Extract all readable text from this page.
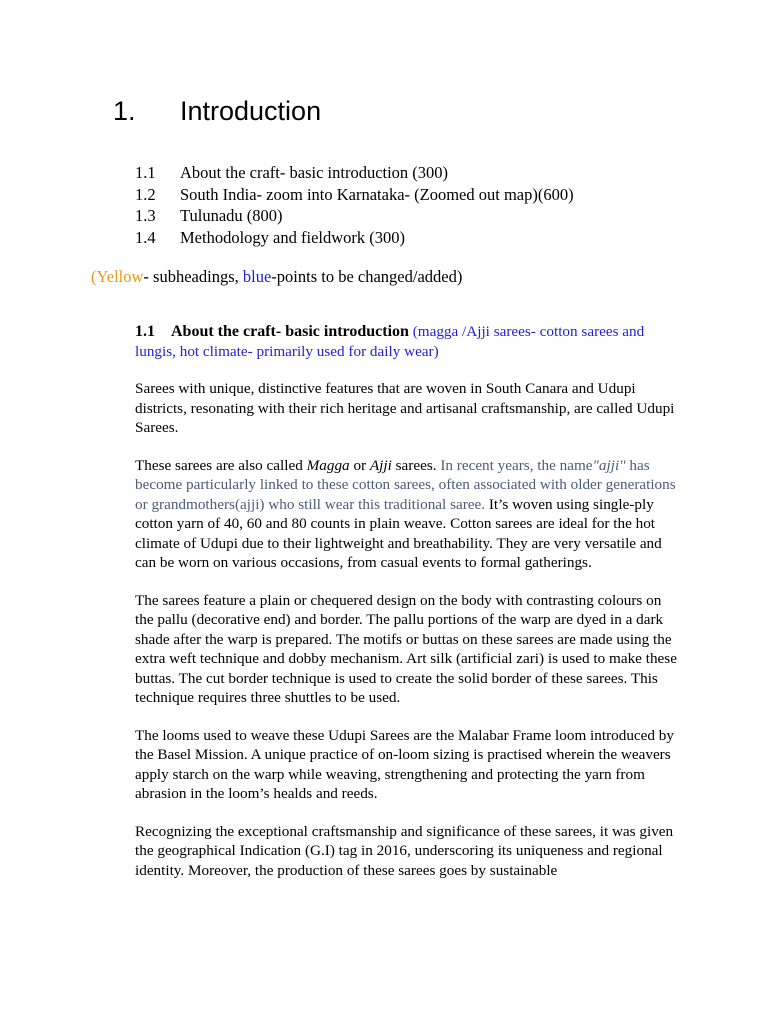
1. Introduction
1.1 About the craft- basic introduction (300)
1.2 South India- zoom into Karnataka- (Zoomed out map)(600)
1.3 Tulunadu (800)
1.4 Methodology and fieldwork (300)
(Yellow- subheadings, blue-points to be changed/added)
1.1 About the craft- basic introduction (magga /Ajji sarees- cotton sarees and lungis, hot climate- primarily used for daily wear)

Sarees with unique, distinctive features that are woven in South Canara and Udupi districts, resonating with their rich heritage and artisanal craftsmanship, are called Udupi Sarees.

These sarees are also called Magga or Ajji sarees. In recent years, the name"ajji" has become particularly linked to these cotton sarees, often associated with older generations or grandmothers(ajji) who still wear this traditional saree. It’s woven using single-ply cotton yarn of 40, 60 and 80 counts in plain weave. Cotton sarees are ideal for the hot climate of Udupi due to their lightweight and breathability. They are very versatile and can be worn on various occasions, from casual events to formal gatherings.

The sarees feature a plain or chequered design on the body with contrasting colours on the pallu (decorative end) and border. The pallu portions of the warp are dyed in a dark shade after the warp is prepared. The motifs or buttas on these sarees are made using the extra weft technique and dobby mechanism. Art silk (artificial zari) is used to make these buttas. The cut border technique is used to create the solid border of these sarees. This technique requires three shuttles to be used.

The looms used to weave these Udupi Sarees are the Malabar Frame loom introduced by the Basel Mission. A unique practice of on-loom sizing is practised wherein the weavers apply starch on the warp while weaving, strengthening and protecting the yarn from abrasion in the loom’s healds and reeds.

Recognizing the exceptional craftsmanship and significance of these sarees, it was given the geographical Indication (G.I) tag in 2016, underscoring its uniqueness and regional identity. Moreover, the production of these sarees goes by sustainable
